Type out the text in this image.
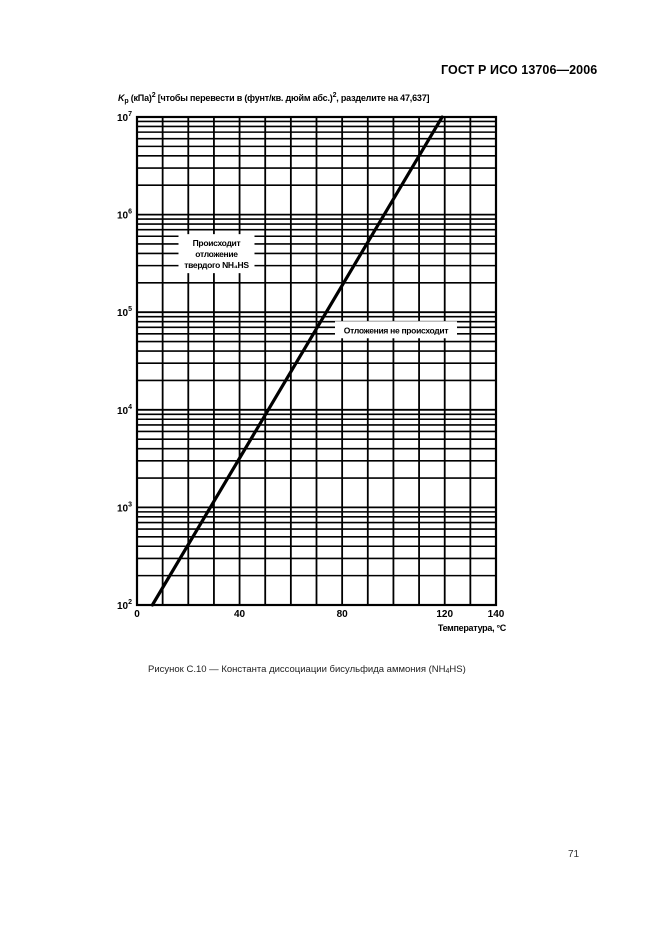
ГОСТ Р ИСО 13706—2006
$K_p$ (кПа)$^2$ [чтобы перевести в (фунт/кв. дюйм абс.)$^2$, разделите на 47,637]
$10^2$
$10^3$
$10^4$
$10^5$
$10^6$
$10^7$
0	40	80	120	140
Температура, °С
Происходит
отложение
твердого NH₄HS
Отложения не происходит
Рисунок С.10 — Константа диссоциации бисульфида аммония $(NH_4HS)$
71
